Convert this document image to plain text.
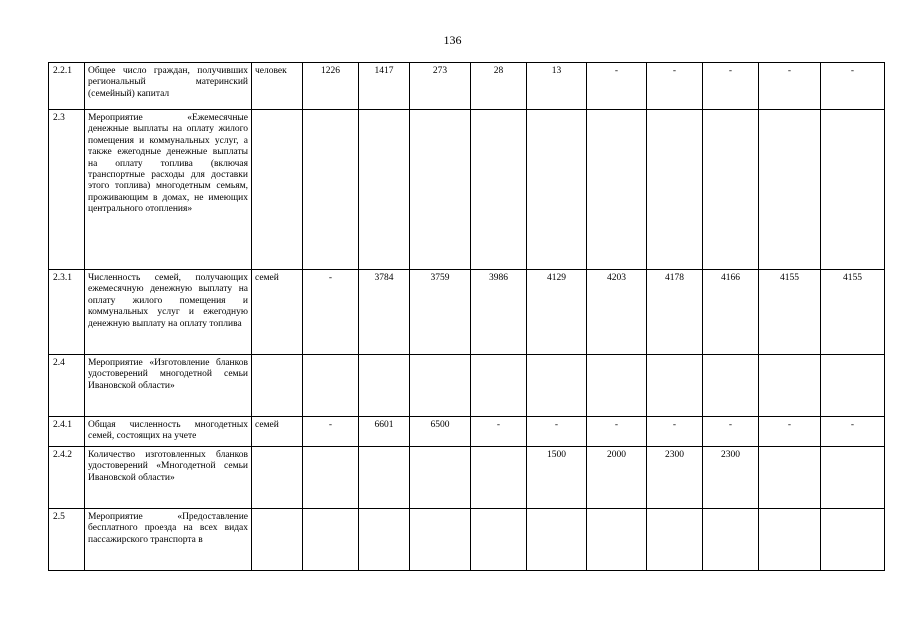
136
2.2.1	Общее число граждан, получивших региональный материнский (семейный) капитал	человек	1226	1417	273	28	13	-	-	-	-	-
2.3	Мероприятие «Ежемесячные денежные выплаты на оплату жилого помещения и коммунальных услуг, а также ежегодные денежные выплаты на оплату топлива (включая транспортные расходы для доставки этого топлива) многодетным семьям, проживающим в домах, не имеющих центрального отопления»											
2.3.1	Численность семей, получающих ежемесячную денежную выплату на оплату жилого помещения и коммунальных услуг и ежегодную денежную выплату на оплату топлива	семей	-	3784	3759	3986	4129	4203	4178	4166	4155	4155
2.4	Мероприятие «Изготовление бланков удостоверений многодетной семьи Ивановской области»											
2.4.1	Общая численность многодетных семей, состоящих на учете	семей	-	6601	6500	-	-	-	-	-	-	-
2.4.2	Количество изготовленных бланков удостоверений «Многодетной семьи Ивановской области»						1500	2000	2300	2300		
2.5	Мероприятие «Предоставление бесплатного проезда на всех видах пассажирского транспорта в											
